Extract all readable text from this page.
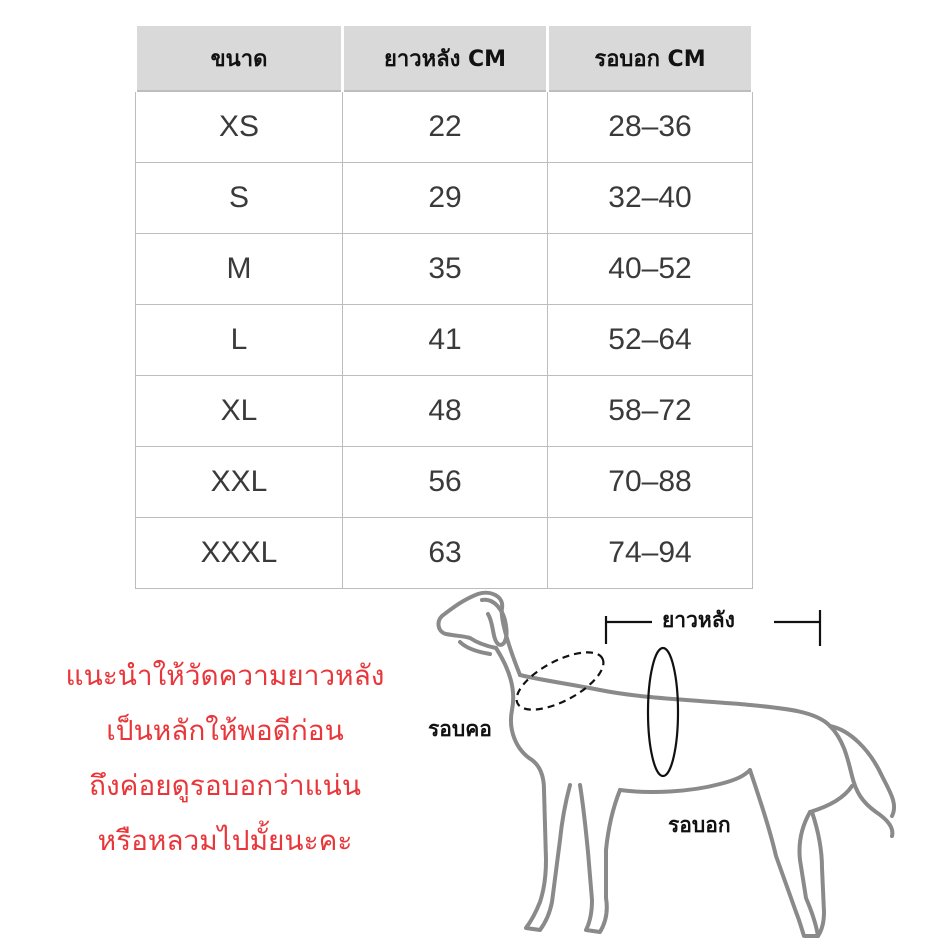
ขนาด	ยาวหลัง CM	รอบอก CM
XS	22	28–36
S	29	32–40
M	35	40–52
L	41	52–64
XL	48	58–72
XXL	56	70–88
XXXL	63	74–94
แนะนำให้วัดความยาวหลัง
เป็นหลักให้พอดีก่อน
ถึงค่อยดูรอบอกว่าแน่น
หรือหลวมไปมั้ยนะคะ
ยาวหลัง
รอบคอ
รอบอก
